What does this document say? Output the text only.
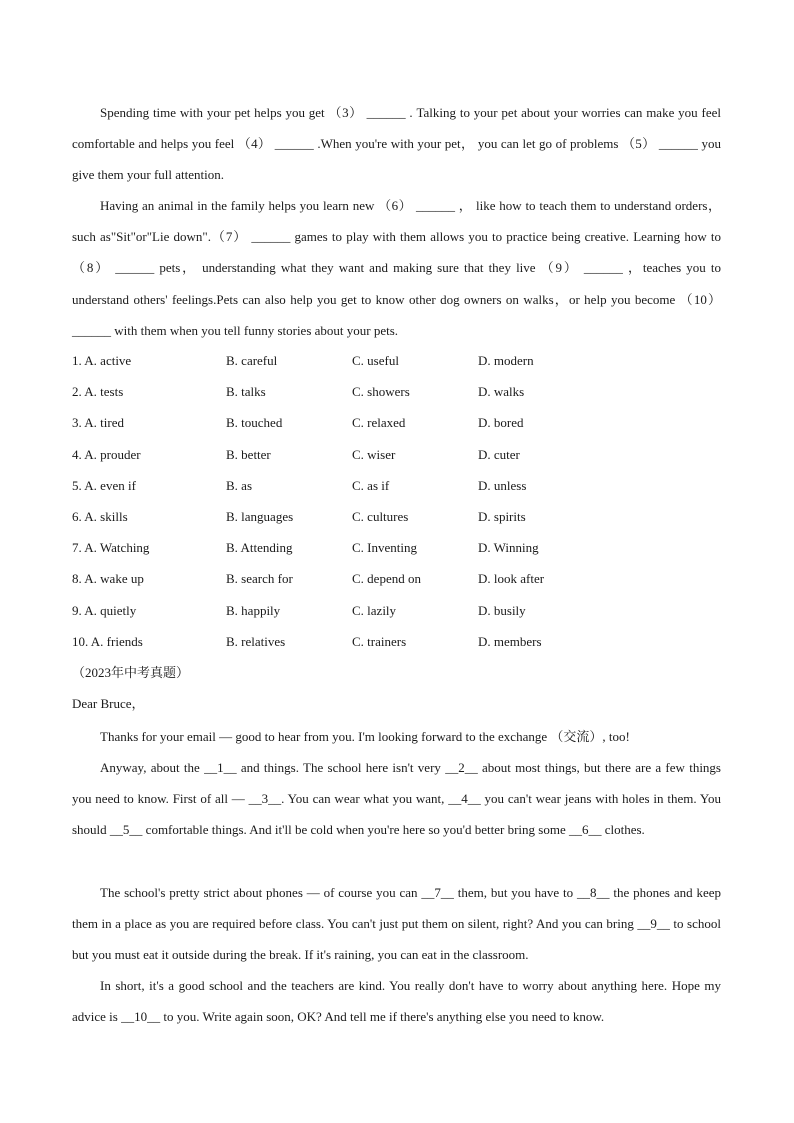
Spending time with your pet helps you get （3） ______ . Talking to your pet about your worries can make you feel comfortable and helps you feel （4） ______ .When you're with your pet， you can let go of problems （5） ______ you give them your full attention.

Having an animal in the family helps you learn new （6） ______ ， like how to teach them to understand orders， such as"Sit"or"Lie down".（7） ______ games to play with them allows you to practice being creative. Learning how to （8） ______ pets， understanding what they want and making sure that they live （9） ______ ，teaches you to understand others' feelings.Pets can also help you get to know other dog owners on walks，or help you become （10） ______ with them when you tell funny stories about your pets.

1. A. active	B. careful	C. useful	D. modern
2. A. tests	B. talks	C. showers	D. walks
3. A. tired	B. touched	C. relaxed	D. bored
4. A. prouder	B. better	C. wiser	D. cuter
5. A. even if	B. as	C. as if	D. unless
6. A. skills	B. languages	C. cultures	D. spirits
7. A. Watching	B. Attending	C. Inventing	D. Winning
8. A. wake up	B. search for	C. depend on	D. look after
9. A. quietly	B. happily	C. lazily	D. busily
10. A. friends	B. relatives	C. trainers	D. members
（2023年中考真题）
Dear Bruce，

Thanks for your email — good to hear from you. I'm looking forward to the exchange （交流）, too!

Anyway, about the __1__ and things. The school here isn't very __2__ about most things, but there are a few things you need to know. First of all — __3__. You can wear what you want, __4__ you can't wear jeans with holes in them. You should __5__ comfortable things. And it'll be cold when you're here so you'd better bring some __6__ clothes.

The school's pretty strict about phones — of course you can __7__ them, but you have to __8__ the phones and keep them in a place as you are required before class. You can't just put them on silent, right? And you can bring __9__ to school but you must eat it outside during the break. If it's raining, you can eat in the classroom.

In short, it's a good school and the teachers are kind. You really don't have to worry about anything here. Hope my advice is __10__ to you. Write again soon, OK? And tell me if there's anything else you need to know.
